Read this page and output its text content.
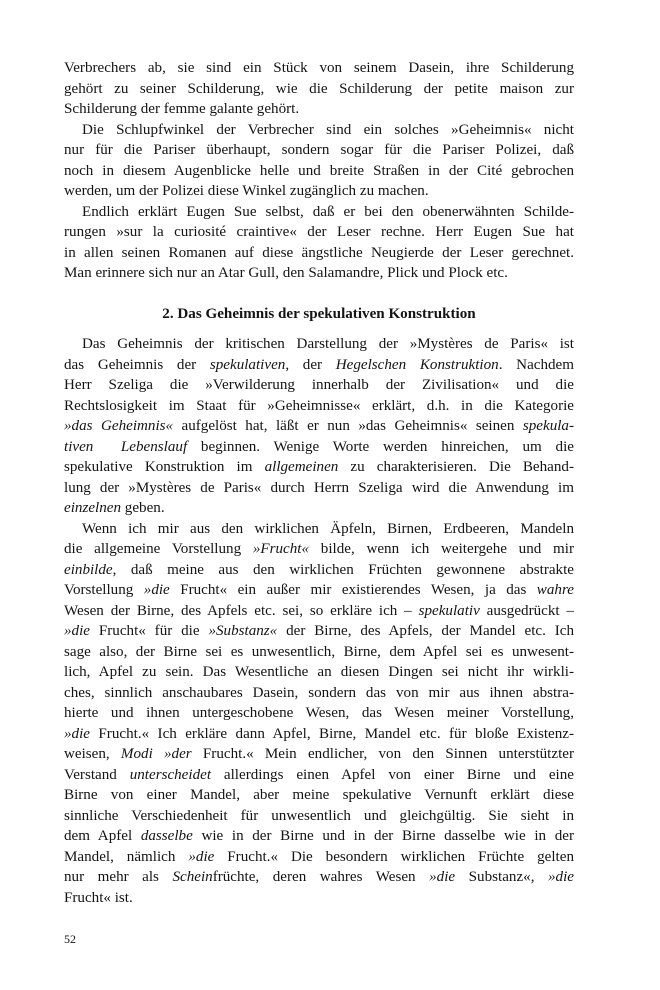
Verbrechers ab, sie sind ein Stück von seinem Dasein, ihre Schilderung
gehört zu seiner Schilderung, wie die Schilderung der petite maison zur
Schilderung der femme galante gehört.
Die Schlupfwinkel der Verbrecher sind ein solches »Geheimnis« nicht
nur für die Pariser überhaupt, sondern sogar für die Pariser Polizei, daß
noch in diesem Augenblicke helle und breite Straßen in der Cité gebrochen
werden, um der Polizei diese Winkel zugänglich zu machen.
Endlich erklärt Eugen Sue selbst, daß er bei den obenerwähnten Schilde-
rungen »sur la curiosité craintive« der Leser rechne. Herr Eugen Sue hat
in allen seinen Romanen auf diese ängstliche Neugierde der Leser gerechnet.
Man erinnere sich nur an Atar Gull, den Salamandre, Plick und Plock etc.
2. Das Geheimnis der spekulativen Konstruktion
Das Geheimnis der kritischen Darstellung der »Mystères de Paris« ist
das Geheimnis der spekulativen, der Hegelschen Konstruktion. Nachdem
Herr Szeliga die »Verwilderung innerhalb der Zivilisation« und die
Rechtslosigkeit im Staat für »Geheimnisse« erklärt, d.h. in die Kategorie
»das Geheimnis« aufgelöst hat, läßt er nun »das Geheimnis« seinen spekula-
tiven  Lebenslauf beginnen. Wenige Worte werden hinreichen, um die
spekulative Konstruktion im allgemeinen zu charakterisieren. Die Behand-
lung der »Mystères de Paris« durch Herrn Szeliga wird die Anwendung im
einzelnen geben.
Wenn ich mir aus den wirklichen Äpfeln, Birnen, Erdbeeren, Mandeln
die allgemeine Vorstellung »Frucht« bilde, wenn ich weitergehe und mir
einbilde, daß meine aus den wirklichen Früchten gewonnene abstrakte
Vorstellung »die Frucht« ein außer mir existierendes Wesen, ja das wahre
Wesen der Birne, des Apfels etc. sei, so erkläre ich – spekulativ ausgedrückt –
»die Frucht« für die »Substanz« der Birne, des Apfels, der Mandel etc. Ich
sage also, der Birne sei es unwesentlich, Birne, dem Apfel sei es unwesent-
lich, Apfel zu sein. Das Wesentliche an diesen Dingen sei nicht ihr wirkli-
ches, sinnlich anschaubares Dasein, sondern das von mir aus ihnen abstra-
hierte und ihnen untergeschobene Wesen, das Wesen meiner Vorstellung,
»die Frucht.« Ich erkläre dann Apfel, Birne, Mandel etc. für bloße Existenz-
weisen, Modi »der Frucht.« Mein endlicher, von den Sinnen unterstützter
Verstand unterscheidet allerdings einen Apfel von einer Birne und eine
Birne von einer Mandel, aber meine spekulative Vernunft erklärt diese
sinnliche Verschiedenheit für unwesentlich und gleichgültig. Sie sieht in
dem Apfel dasselbe wie in der Birne und in der Birne dasselbe wie in der
Mandel, nämlich »die Frucht.« Die besondern wirklichen Früchte gelten
nur mehr als Scheinfrüchte, deren wahres Wesen »die Substanz«, »die
Frucht« ist.
52
